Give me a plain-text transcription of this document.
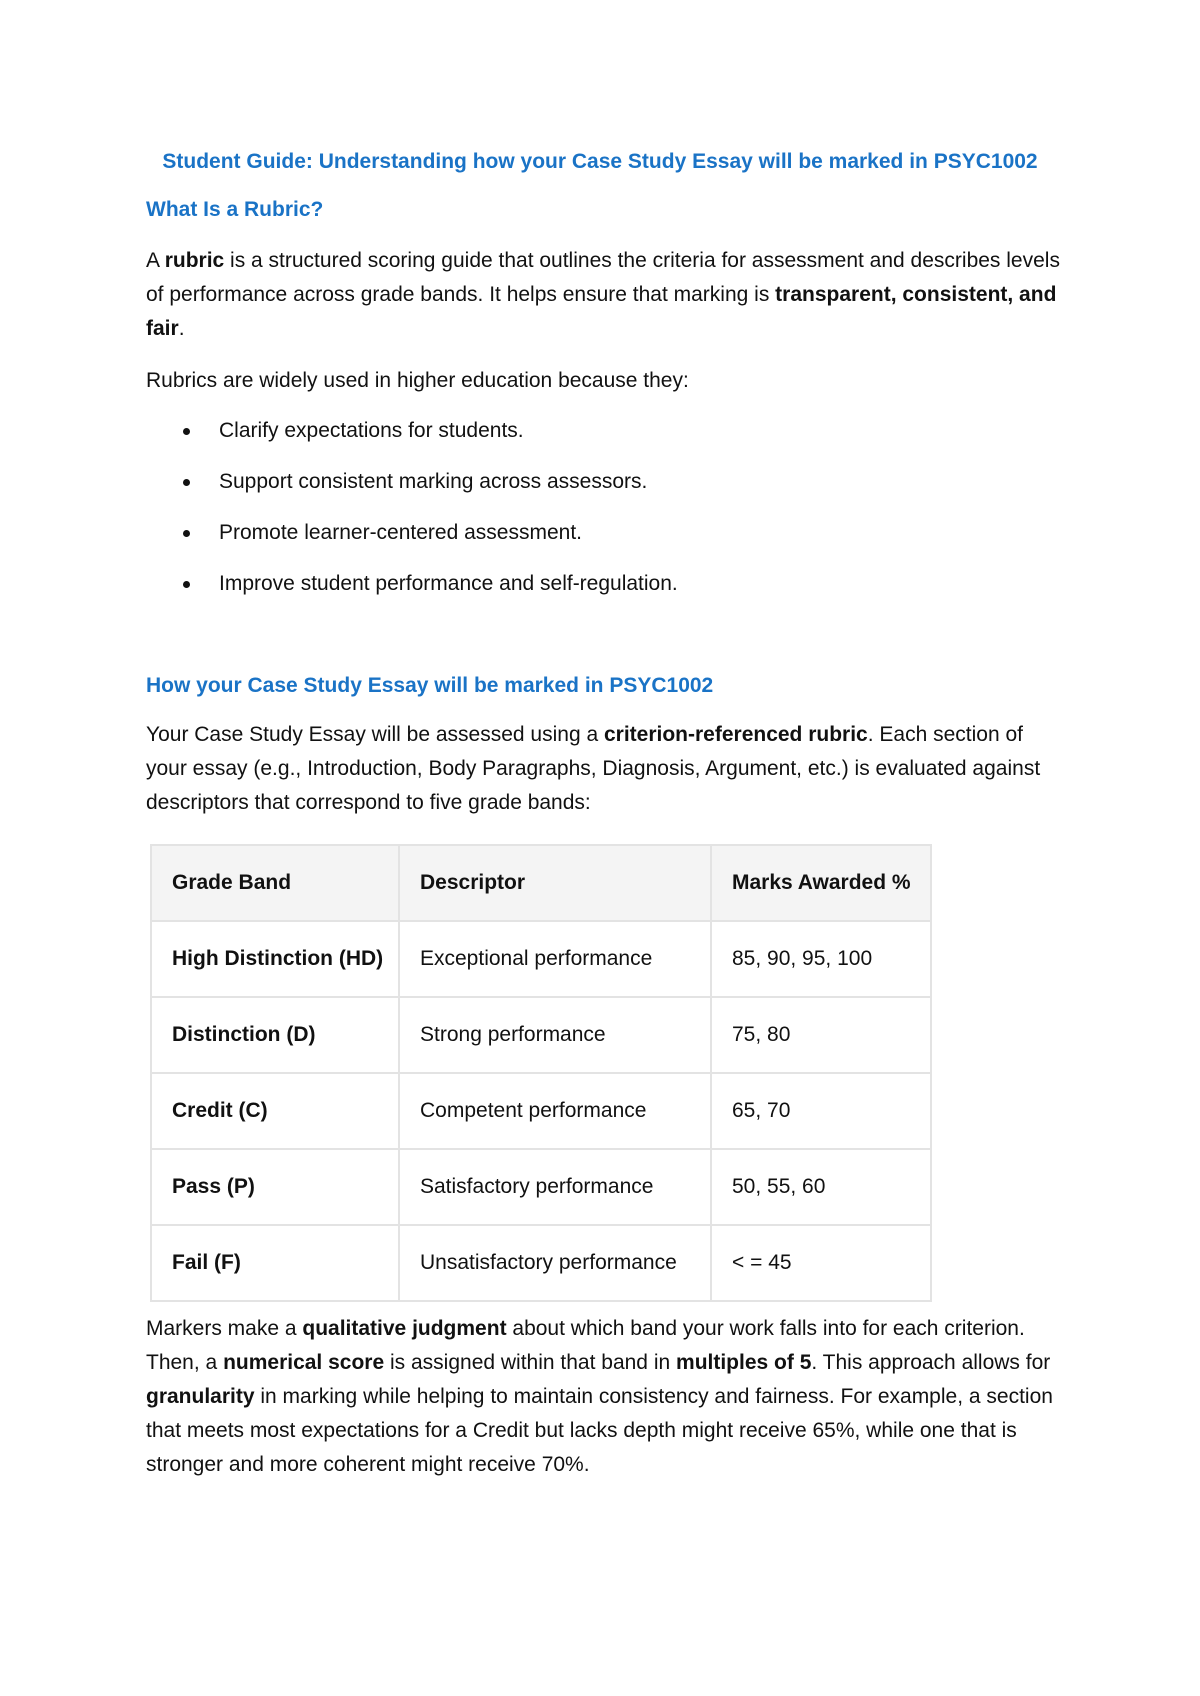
Student Guide: Understanding how your Case Study Essay will be marked in PSYC1002
What Is a Rubric?
A rubric is a structured scoring guide that outlines the criteria for assessment and describes levels of performance across grade bands. It helps ensure that marking is transparent, consistent, and fair.
Rubrics are widely used in higher education because they:
Clarify expectations for students.
Support consistent marking across assessors.
Promote learner-centered assessment.
Improve student performance and self-regulation.
How your Case Study Essay will be marked in PSYC1002
Your Case Study Essay will be assessed using a criterion-referenced rubric. Each section of your essay (e.g., Introduction, Body Paragraphs, Diagnosis, Argument, etc.) is evaluated against descriptors that correspond to five grade bands:
Grade Band	Descriptor	Marks Awarded %
High Distinction (HD)	Exceptional performance	85, 90, 95, 100
Distinction (D)	Strong performance	75, 80
Credit (C)	Competent performance	65, 70
Pass (P)	Satisfactory performance	50, 55, 60
Fail (F)	Unsatisfactory performance	< = 45
Markers make a qualitative judgment about which band your work falls into for each criterion. Then, a numerical score is assigned within that band in multiples of 5. This approach allows for granularity in marking while helping to maintain consistency and fairness. For example, a section that meets most expectations for a Credit but lacks depth might receive 65%, while one that is stronger and more coherent might receive 70%.
